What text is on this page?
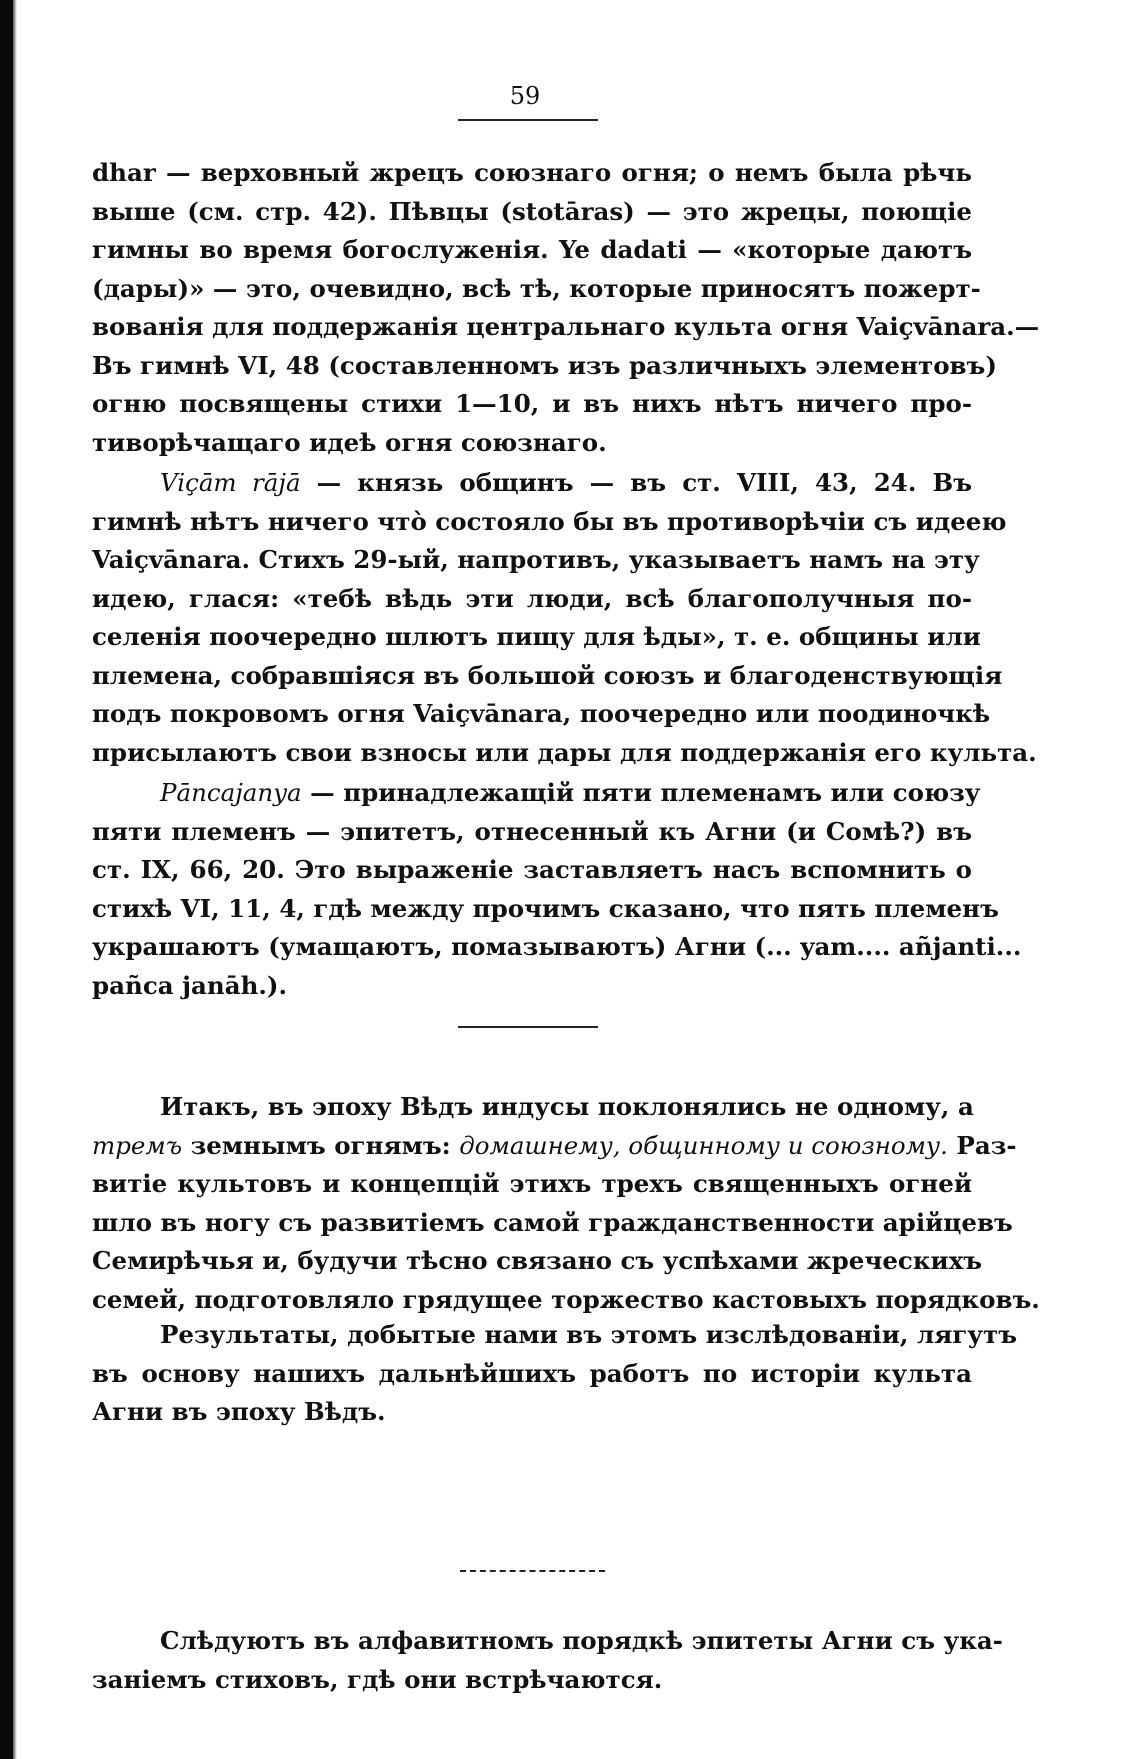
59
dhar — верховный жрецъ союзнаго огня; о немъ была рѣчь
выше (см. стр. 42). Пѣвцы (stotāras) — это жрецы, поющіе
гимны во время богослуженія. Ye dadati — «которые даютъ
(дары)» — это, очевидно, всѣ тѣ, которые приносятъ пожерт-
вованія для поддержанія центральнаго культа огня Vaiçvānara.—
Въ гимнѣ VI, 48 (составленномъ изъ различныхъ элементовъ)
огню посвящены стихи 1—10, и въ нихъ нѣтъ ничего про-
тиворѣчащаго идеѣ огня союзнаго.
Viçām rājā — князь общинъ — въ ст. VIII, 43, 24. Въ
гимнѣ нѣтъ ничего что̀ состояло бы въ противорѣчіи съ идеею
Vaiçvānara. Стихъ 29-ый, напротивъ, указываетъ намъ на эту
идею, глася: «тебѣ вѣдь эти люди, всѣ благополучныя по-
селенія поочередно шлютъ пищу для ѣды», т. е. общины или
племена, собравшіяся въ большой союзъ и благоденствующія
подъ покровомъ огня Vaiçvānara, поочередно или поодиночкѣ
присылаютъ свои взносы или дары для поддержанія его культа.
Pāncajanya — принадлежащій пяти племенамъ или союзу
пяти племенъ — эпитетъ, отнесенный къ Агни (и Сомѣ?) въ
ст. IX, 66, 20. Это выраженіе заставляетъ насъ вспомнить о
стихѣ VI, 11, 4, гдѣ между прочимъ сказано, что пять племенъ
украшаютъ (умащаютъ, помазываютъ) Агни (... yam.... añjanti...
pañca janāh.).
Итакъ, въ эпоху Вѣдъ индусы поклонялись не одному, а
тремъ земнымъ огнямъ: домашнему, общинному и союзному. Раз-
витіе культовъ и концепцій этихъ трехъ священныхъ огней
шло въ ногу съ развитіемъ самой гражданственности арійцевъ
Семирѣчья и, будучи тѣсно связано съ успѣхами жреческихъ
семей, подготовляло грядущее торжество кастовыхъ порядковъ.
Результаты, добытые нами въ этомъ изслѣдованіи, лягутъ
въ основу нашихъ дальнѣйшихъ работъ по исторіи культа
Агни въ эпоху Вѣдъ.
Слѣдуютъ въ алфавитномъ порядкѣ эпитеты Агни съ ука-
заніемъ стиховъ, гдѣ они встрѣчаются.
